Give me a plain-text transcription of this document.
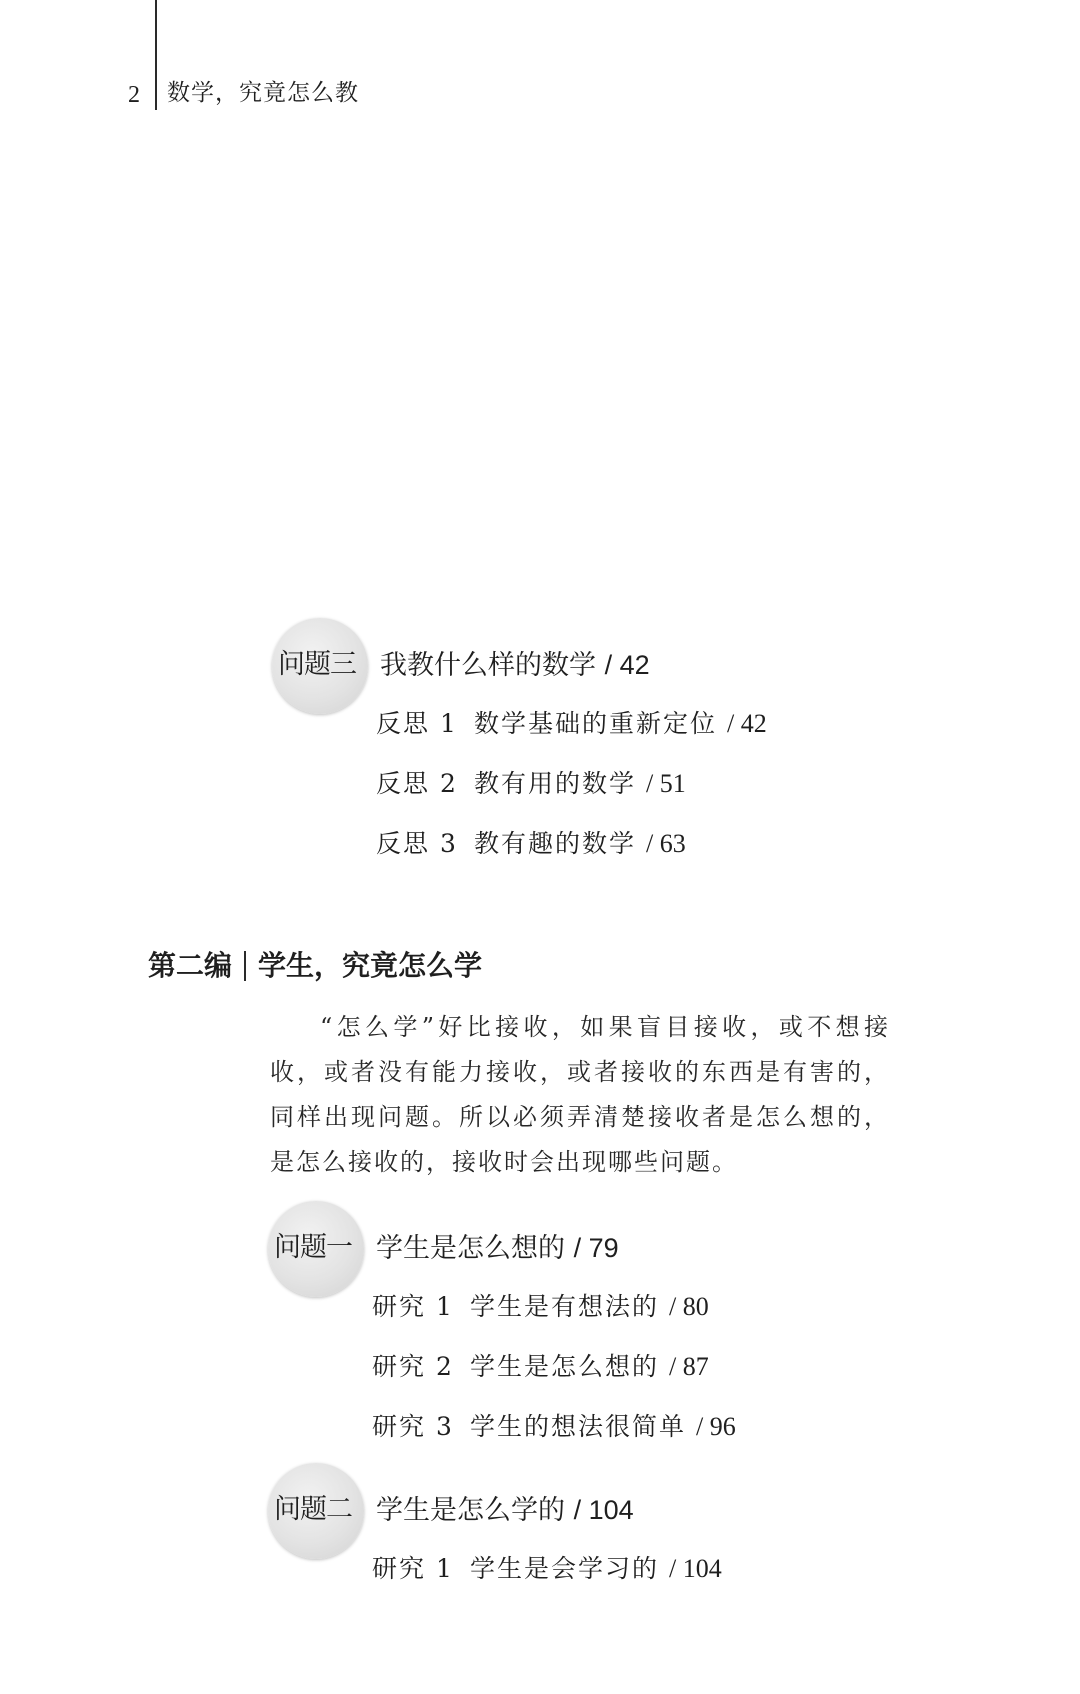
2 数学，究竟怎么教
问题三 我教什么样的数学 / 42
反思 1 数学基础的重新定位 / 42
反思 2 教有用的数学 / 51
反思 3 教有趣的数学 / 63
第二编 学生，究竟怎么学

“怎么学”好比接收，如果盲目接收，或不想接收，或者没有能力接收，或者接收的东西是有害的，同样出现问题。所以必须弄清楚接收者是怎么想的，是怎么接收的，接收时会出现哪些问题。

问题一 学生是怎么想的 / 79
研究 1 学生是有想法的 / 80
研究 2 学生是怎么想的 / 87
研究 3 学生的想法很简单 / 96
问题二 学生是怎么学的 / 104
研究 1 学生是会学习的 / 104
